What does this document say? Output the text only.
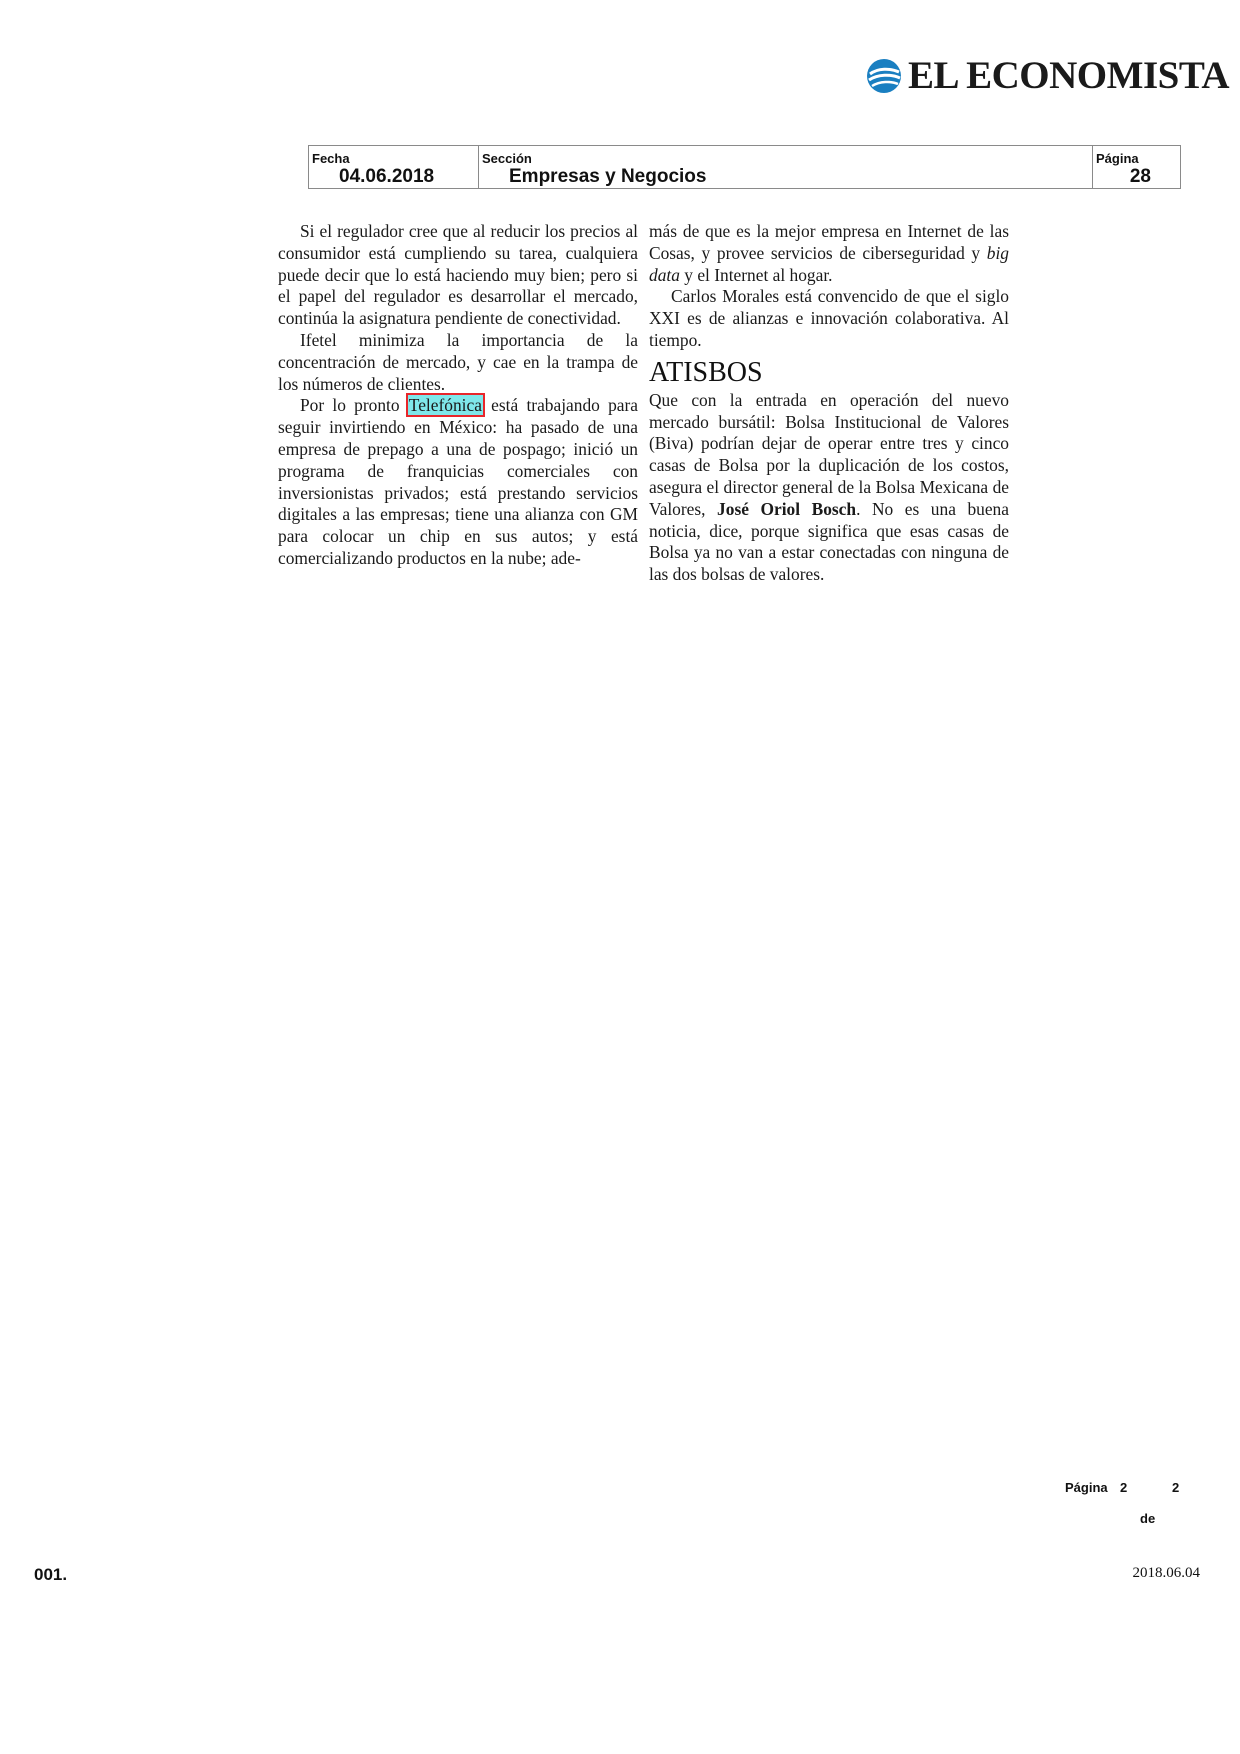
EL ECONOMISTA
Fecha
04.06.2018
Sección
Empresas y Negocios
Página
28

Si el regulador cree que al reducir los precios al consumidor está cumpliendo su tarea, cualquiera puede decir que lo está haciendo muy bien; pero si el papel del regulador es desarrollar el mercado, continúa la asignatura pendiente de conectividad.

Ifetel minimiza la importancia de la concentración de mercado, y cae en la trampa de los números de clientes.

Por lo pronto Telefónica está trabajando para seguir invirtiendo en México: ha pasado de una empresa de prepago a una de pospago; inició un programa de franquicias comerciales con inversionistas privados; está prestando servicios digitales a las empresas; tiene una alianza con GM para colocar un chip en sus autos; y está comercializando productos en la nube; ade-

más de que es la mejor empresa en Internet de las Cosas, y provee servicios de ciberseguridad y big data y el Internet al hogar.

Carlos Morales está convencido de que el siglo XXI es de alianzas e innovación colaborativa. Al tiempo.

ATISBOS

Que con la entrada en operación del nuevo mercado bursátil: Bolsa Institucional de Valores (Biva) podrían dejar de operar entre tres y cinco casas de Bolsa por la duplicación de los costos, asegura el director general de la Bolsa Mexicana de Valores, José Oriol Bosch. No es una buena noticia, dice, porque significa que esas casas de Bolsa ya no van a estar conectadas con ninguna de las dos bolsas de valores.

Página 2	2
de
001.	2018.06.04
